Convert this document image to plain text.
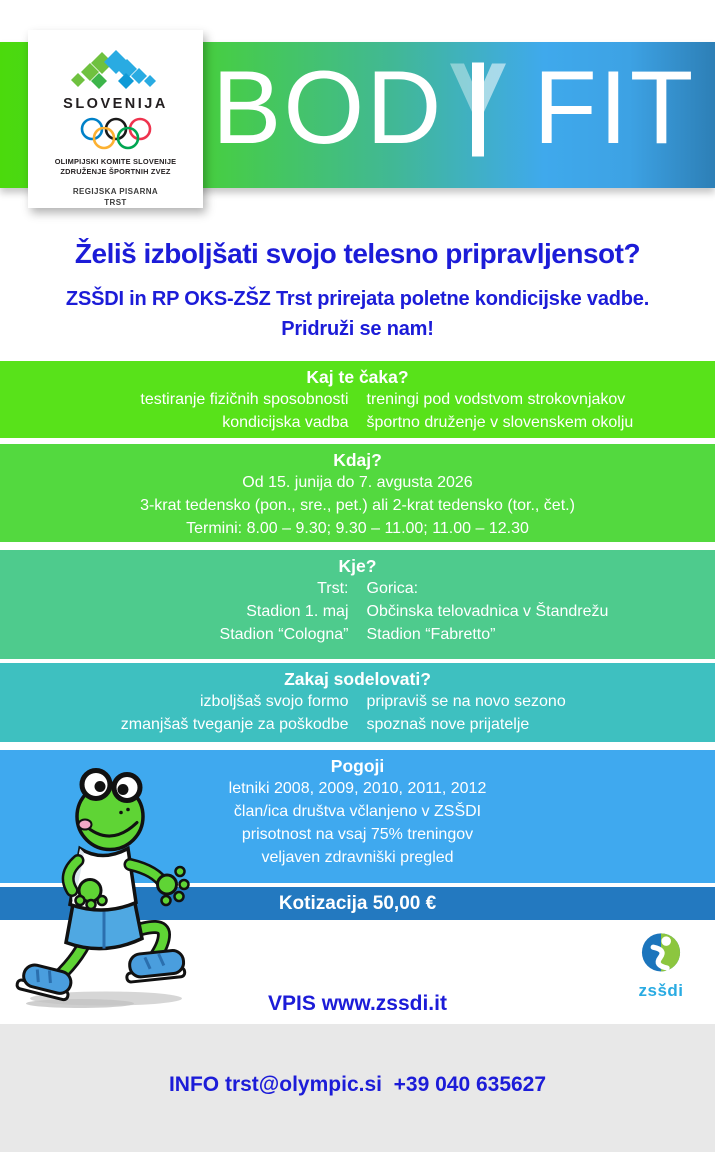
BOD FIT
SLOVENIJA
OLIMPIJSKI KOMITE SLOVENIJE
ZDRUŽENJE ŠPORTNIH ZVEZ
REGIJSKA PISARNA
TRST
Želiš izboljšati svojo telesno pripravljensot?
ZSŠDI in RP OKS-ZŠZ Trst prirejata poletne kondicijske vadbe.
Pridruži se nam!
Kaj te čaka?
testiranje fizičnih sposobnosti treningi pod vodstvom strokovnjakov
kondicijska vadba športno druženje v slovenskem okolju
Kdaj?
Od 15. junija do 7. avgusta 2026
3-krat tedensko (pon., sre., pet.) ali 2-krat tedensko (tor., čet.)
Termini: 8.00 – 9.30; 9.30 – 11.00; 11.00 – 12.30
Kje?
Trst: Gorica:
Stadion 1. maj Občinska telovadnica v Štandrežu
Stadion “Cologna” Stadion “Fabretto”
Zakaj sodelovati?
izboljšaš svojo formo pripraviš se na novo sezono
zmanjšaš tveganje za poškodbe spoznaš nove prijatelje
Pogoji
letniki 2008, 2009, 2010, 2011, 2012
član/ica društva včlanjeno v ZSŠDI
prisotnost na vsaj 75% treningov
veljaven zdravniški pregled
Kotizacija 50,00 €

VPIS www.zssdi.it

INFO trst@olympic.si  +39 040 635627

zsšdi
